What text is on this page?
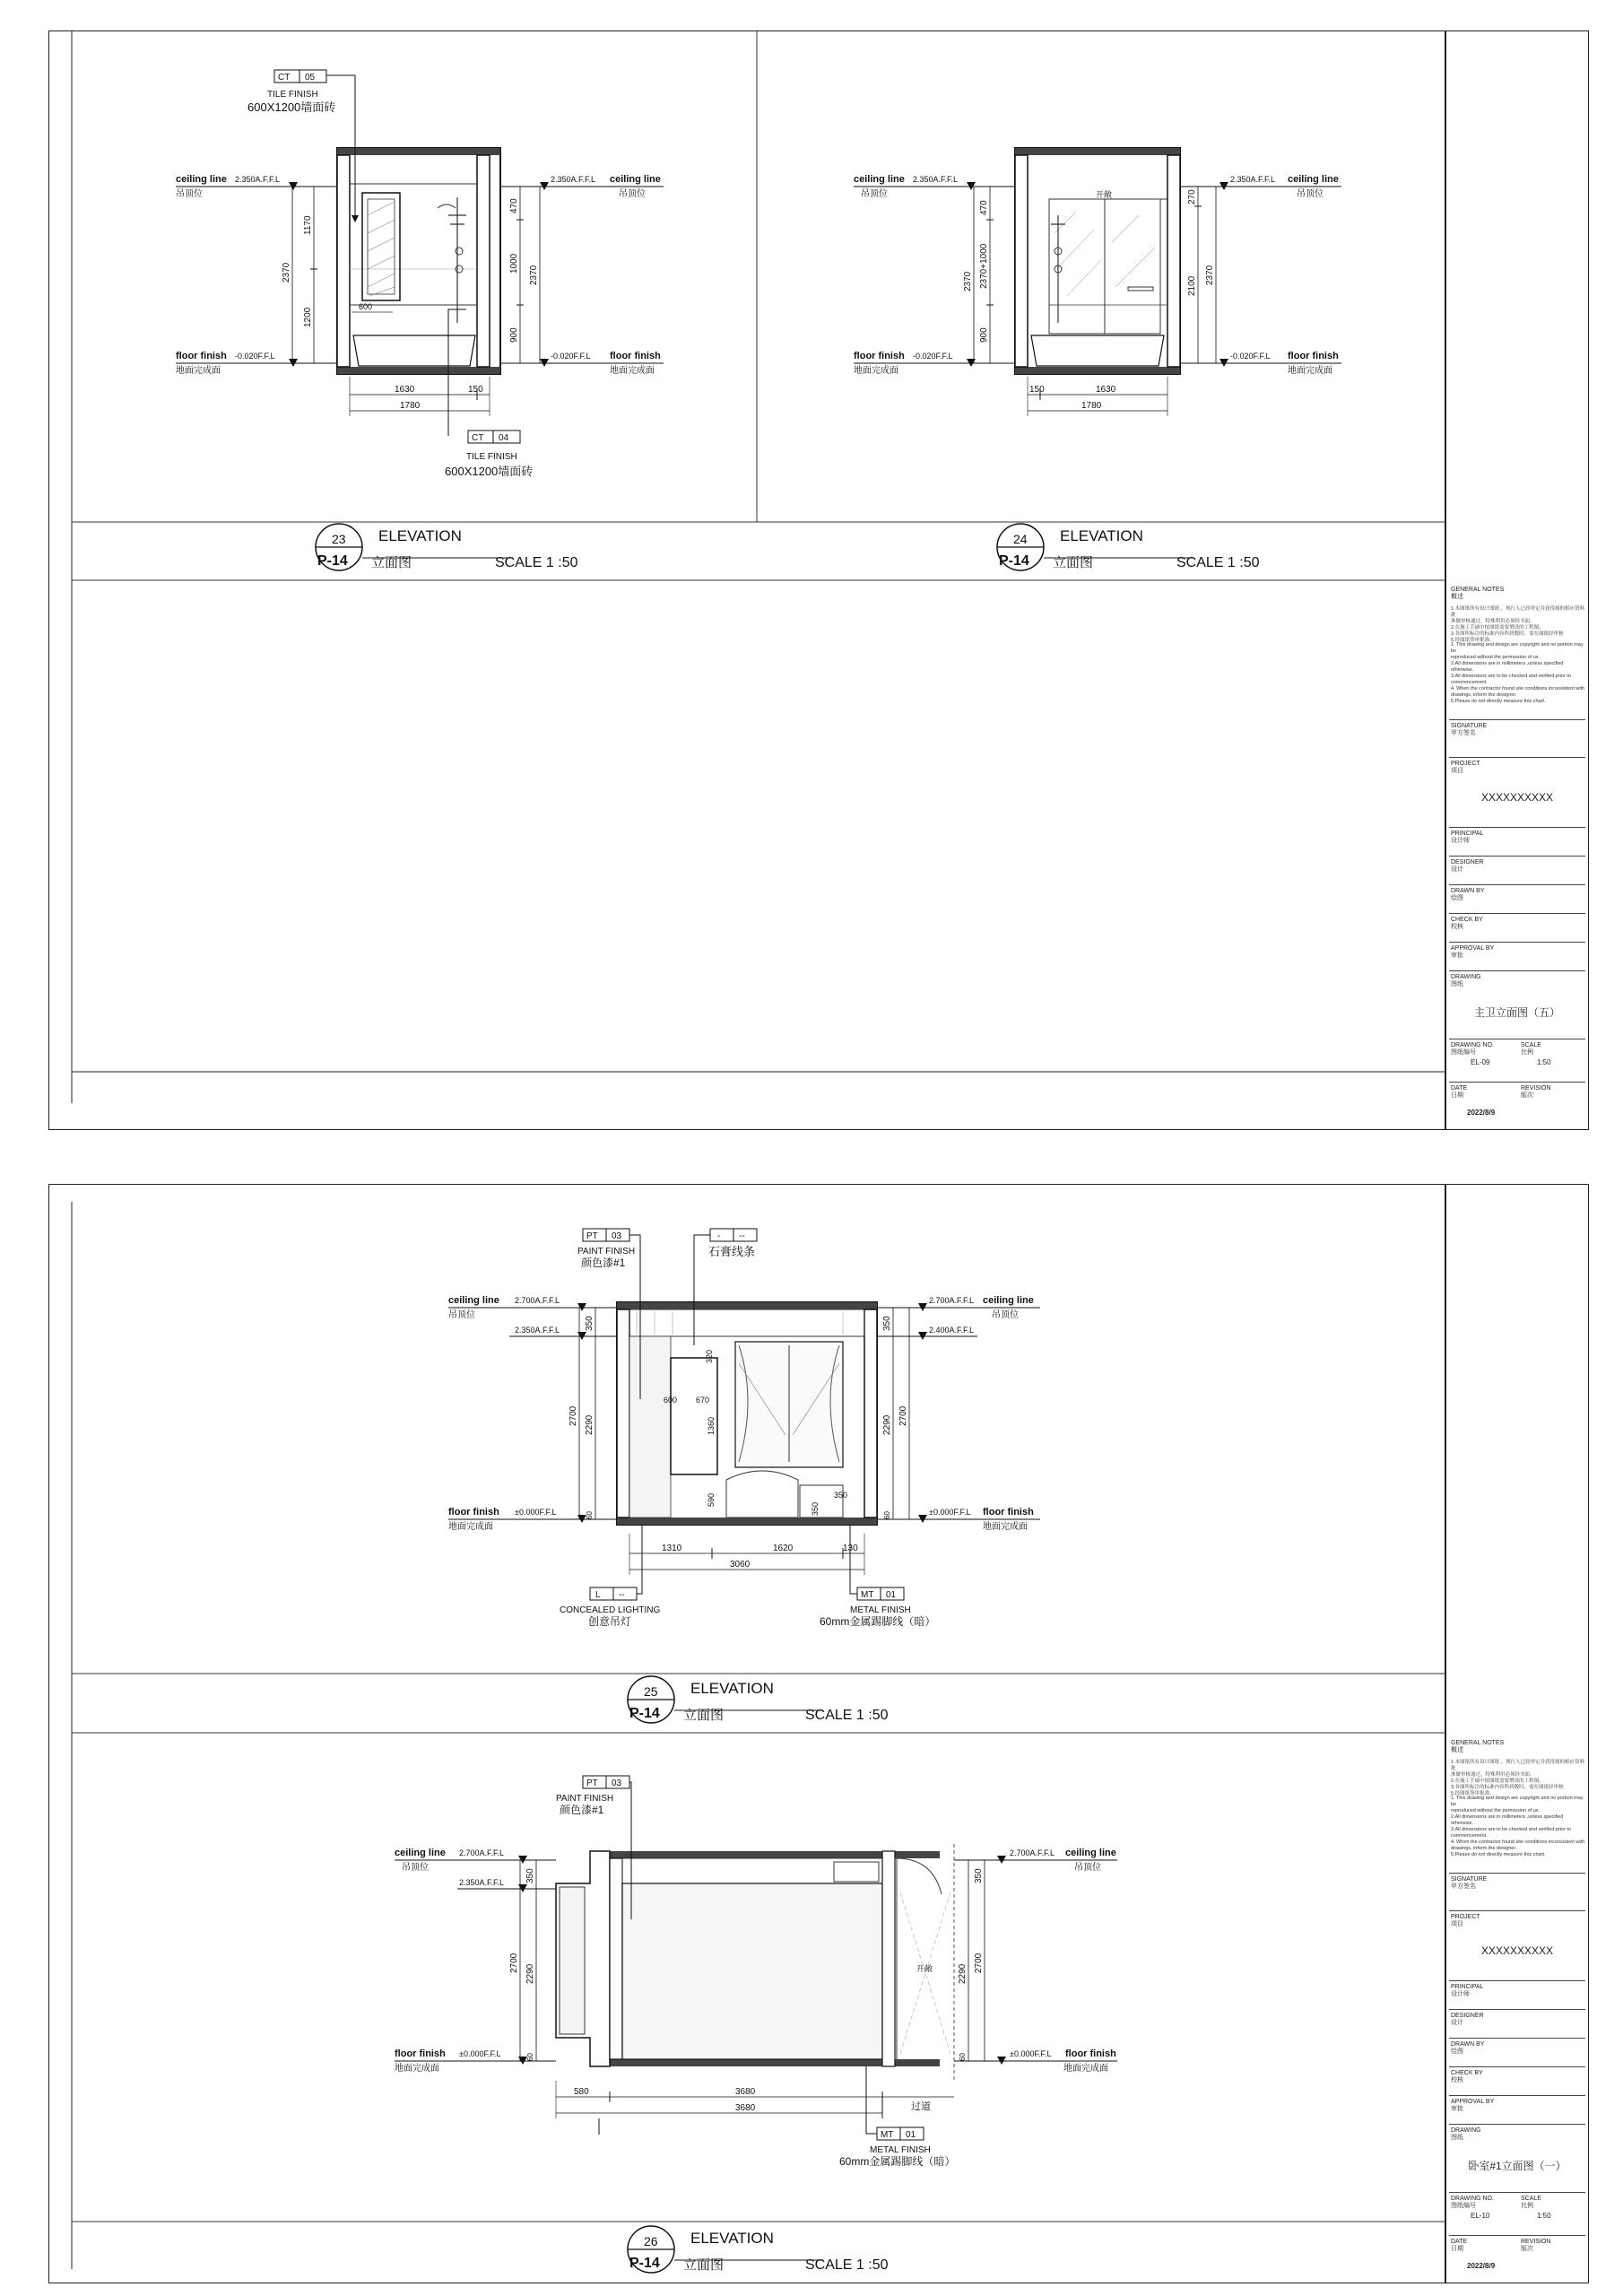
CT 05
TILE FINISH
600X1200墙面砖
CT 04
TILE FINISH
600X1200墙面砖
ceiling line
吊顶位
2.350A.F.F.L
floor finish
地面完成面
-0.020F.F.L
2.350A.F.F.L ceiling line
吊顶位
-0.020F.F.L floor finish
地面完成面
1170
1200
2370
470
1000
900
2370
1630	150
1780
600
开敞
ceiling line
吊顶位
2.350A.F.F.L
floor finish
地面完成面
-0.020F.F.L
2.350A.F.F.L ceiling line
吊顶位
-0.020F.F.L floor finish
地面完成面
470
2370 2370+1000
900
270
2100
2370
150	1630
1780
23
P-14
ELEVATION
立面图	SCALE 1 :50
24
P-14
ELEVATION
立面图	SCALE 1 :50
GENERAL NOTES
概述
1.本图纸所有设计图纸 ，现行人已经审定并获得属的相应资料批
准做审核通过。特殊利用必须经书面。
2.在施工手础中按图纸需要增设的工程图。
3.各图所标注的标准内容所到数时，需在图纸经审核
5.经图纸签审批准。
1. This drawing and design are copyright and no portion may be
reproduced without the permission of us.
2.All dimensions are in millimeters ,unless specified otherwise.
3.All dimensions are to be checked and verified prior to
commencement.
4. When the contractor found site conditions inconsistent with
drawings, inform the designer.
5.Please do not directly measure this chart.
SIGNATURE
甲方签名
PROJECT
项目
XXXXXXXXXX
PRINCIPAL
设计师
DESIGNER
设计
DRAWN BY
绘图
CHECK BY
校核
APPROVAL BY
审批
DRAWING
图纸
主卫立面图（五）
DRAWING NO.
图纸编号
EL-09
SCALE
比例
1:50
DATE
日期
2022/8/9
REVISION
版次
PT 03
PAINT FINISH
颜色漆#1
- --
石膏线条
L --
CONCEALED LIGHTING
创意吊灯
MT 01
METAL FINISH
60mm金属踢脚线（暗）
ceiling line
吊顶位
2.700A.F.F.L
2.350A.F.F.L
floor finish
地面完成面
±0.000F.F.L
2.700A.F.F.L ceiling line
吊顶位
2.400A.F.F.L
±0.000F.F.L floor finish
地面完成面
350
2700 2290
60
350
2290 2700
60
320
600 670
1360
590
350
350
1310	1620	130
3060
PT 03
PAINT FINISH
颜色漆#1
MT 01
METAL FINISH
60mm金属踢脚线（暗）
开敞
过道
ceiling line
吊顶位
2.700A.F.F.L
2.350A.F.F.L
floor finish
地面完成面
±0.000F.F.L
2.700A.F.F.L ceiling line
吊顶位
±0.000F.F.L floor finish
地面完成面
350
2700
2290
60
350
2290
2700
60
580	3680
3680
25
P-14
ELEVATION
立面图	SCALE 1 :50
26
P-14
ELEVATION
立面图	SCALE 1 :50
GENERAL NOTES
概述
1.本图纸所有设计图纸 ，现行人已经审定并获得属的相应资料批
准做审核通过。特殊利用必须经书面。
2.在施工手础中按图纸需要增设的工程图。
3.各图所标注的标准内容所到数时，需在图纸经审核
5.经图纸签审批准。
1. This drawing and design are copyright and no portion may be
reproduced without the permission of us.
2.All dimensions are in millimeters ,unless specified otherwise.
3.All dimensions are to be checked and verified prior to
commencement.
4. When the contractor found site conditions inconsistent with
drawings, inform the designer.
5.Please do not directly measure this chart.
SIGNATURE
甲方签名
PROJECT
项目
XXXXXXXXXX
PRINCIPAL
设计师
DESIGNER
设计
DRAWN BY
绘图
CHECK BY
校核
APPROVAL BY
审批
DRAWING
图纸
卧室#1立面图（一）
DRAWING NO.
图纸编号
EL-10
SCALE
比例
1:50
DATE
日期
2022/8/9
REVISION
版次
